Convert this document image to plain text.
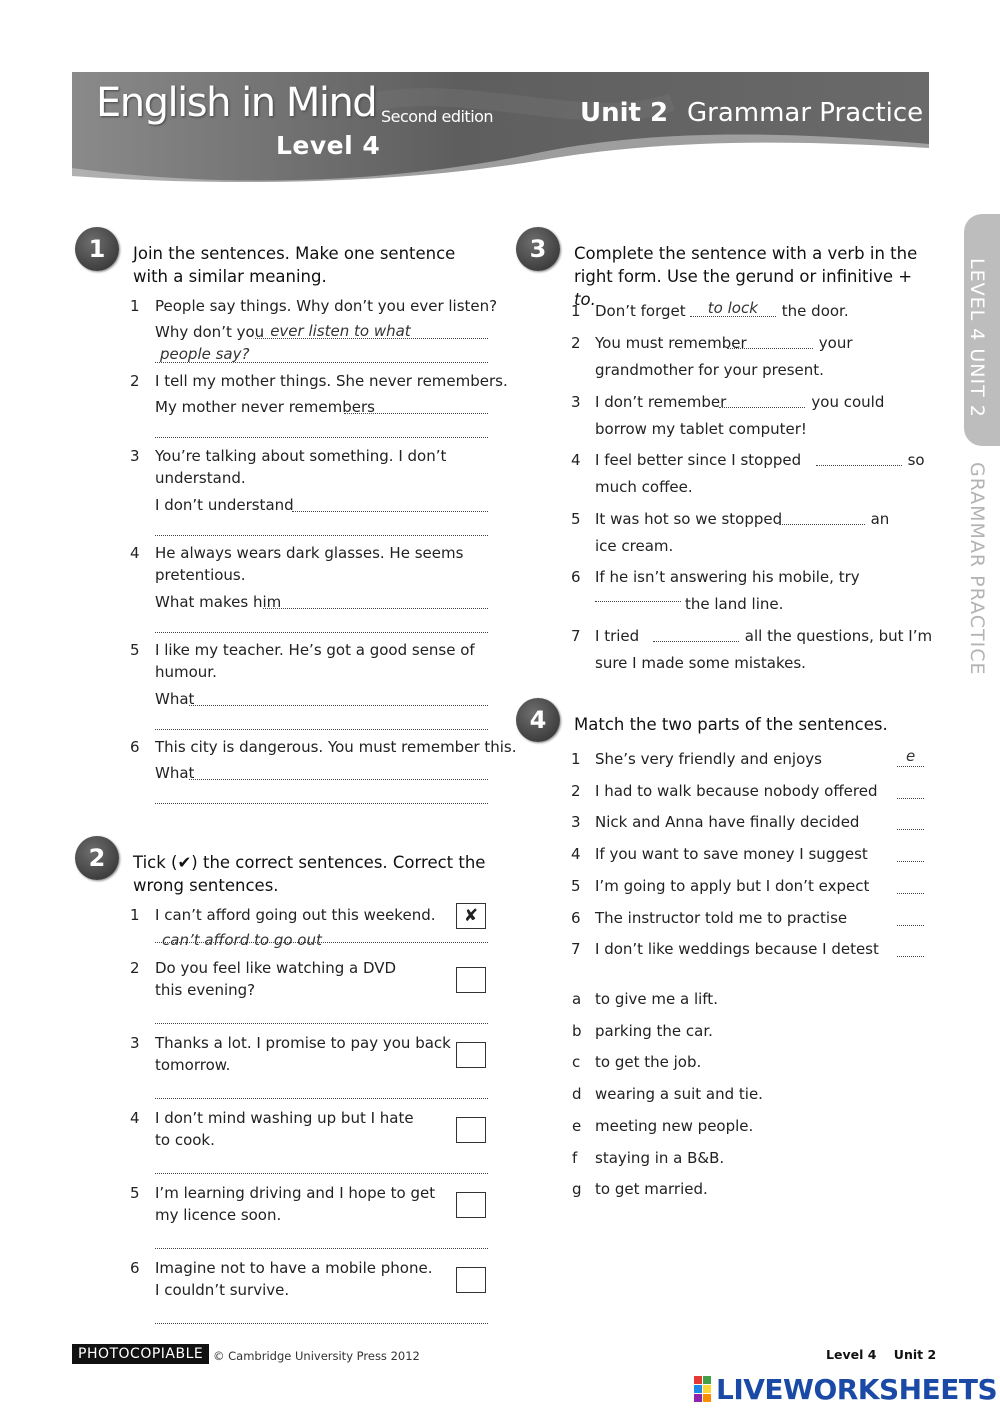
English in Mind Second edition
Level 4
Unit 2 Grammar Practice
LEVEL 4 UNIT 2
GRAMMAR PRACTICE
1	Join the sentences. Make one sentence with a similar meaning.
1 People say things. Why don’t you ever listen?
Why don’t you ever listen to what
people say?
2 I tell my mother things. She never remembers.
My mother never remembers
3 You’re talking about something. I don’t
understand.
I don’t understand
4 He always wears dark glasses. He seems
pretentious.
What makes him
5 I like my teacher. He’s got a good sense of
humour.
What
6 This city is dangerous. You must remember this.
What
2	Tick (✔) the correct sentences. Correct the wrong sentences.
1 I can’t afford going out this weekend.	✘
can’t afford to go out
2 Do you feel like watching a DVD
this evening?
3 Thanks a lot. I promise to pay you back
tomorrow.
4 I don’t mind washing up but I hate
to cook.
5 I’m learning driving and I hope to get
my licence soon.
6 Imagine not to have a mobile phone.
I couldn’t survive.
3	Complete the sentence with a verb in the right form. Use the gerund or infinitive + to.
1 Don’t forget to lock the door.
2 You must remember	your
grandmother for your present.
3 I don’t remember	you could
borrow my tablet computer!
4 I feel better since I stopped	so
much coffee.
5 It was hot so we stopped	an
ice cream.
6 If he isn’t answering his mobile, try
the land line.
7 I tried	all the questions, but I’m
sure I made some mistakes.
4	Match the two parts of the sentences.
1 She’s very friendly and enjoys	e
2 I had to walk because nobody offered
3 Nick and Anna have finally decided
4 If you want to save money I suggest
5 I’m going to apply but I don’t expect
6 The instructor told me to practise
7 I don’t like weddings because I detest
a to give me a lift.
b parking the car.
c to get the job.
d wearing a suit and tie.
e meeting new people.
f staying in a B&B.
g to get married.
PHOTOCOPIABLE © Cambridge University Press 2012	Level 4    Unit 2
LIVEWORKSHEETS
